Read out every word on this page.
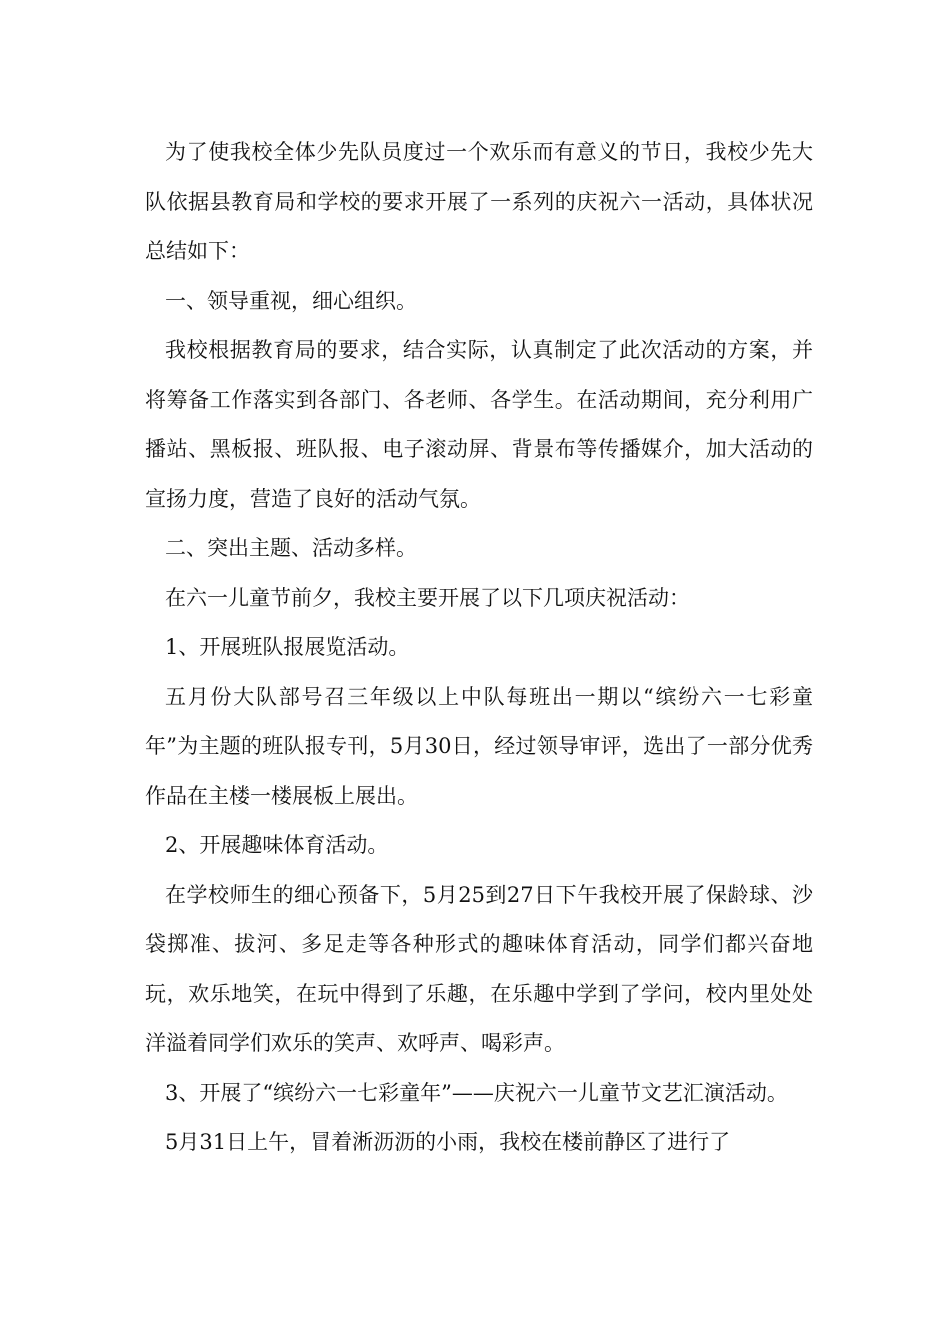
为了使我校全体少先队员度过一个欢乐而有意义的节日，我校少先大队依据县教育局和学校的要求开展了一系列的庆祝六一活动，具体状况总结如下：

一、领导重视，细心组织。

我校根据教育局的要求，结合实际，认真制定了此次活动的方案，并将筹备工作落实到各部门、各老师、各学生。在活动期间，充分利用广播站、黑板报、班队报、电子滚动屏、背景布等传播媒介，加大活动的宣扬力度，营造了良好的活动气氛。

二、突出主题、活动多样。

在六一儿童节前夕，我校主要开展了以下几项庆祝活动：

1、开展班队报展览活动。

五月份大队部号召三年级以上中队每班出一期以“缤纷六一七彩童年”为主题的班队报专刊，5月30日，经过领导审评，选出了一部分优秀作品在主楼一楼展板上展出。

2、开展趣味体育活动。

在学校师生的细心预备下，5月25到27日下午我校开展了保龄球、沙袋掷准、拔河、多足走等各种形式的趣味体育活动，同学们都兴奋地玩，欢乐地笑，在玩中得到了乐趣，在乐趣中学到了学问，校内里处处洋溢着同学们欢乐的笑声、欢呼声、喝彩声。

3、开展了“缤纷六一七彩童年”——庆祝六一儿童节文艺汇演活动。

5月31日上午，冒着淅沥沥的小雨，我校在楼前静区了进行了
